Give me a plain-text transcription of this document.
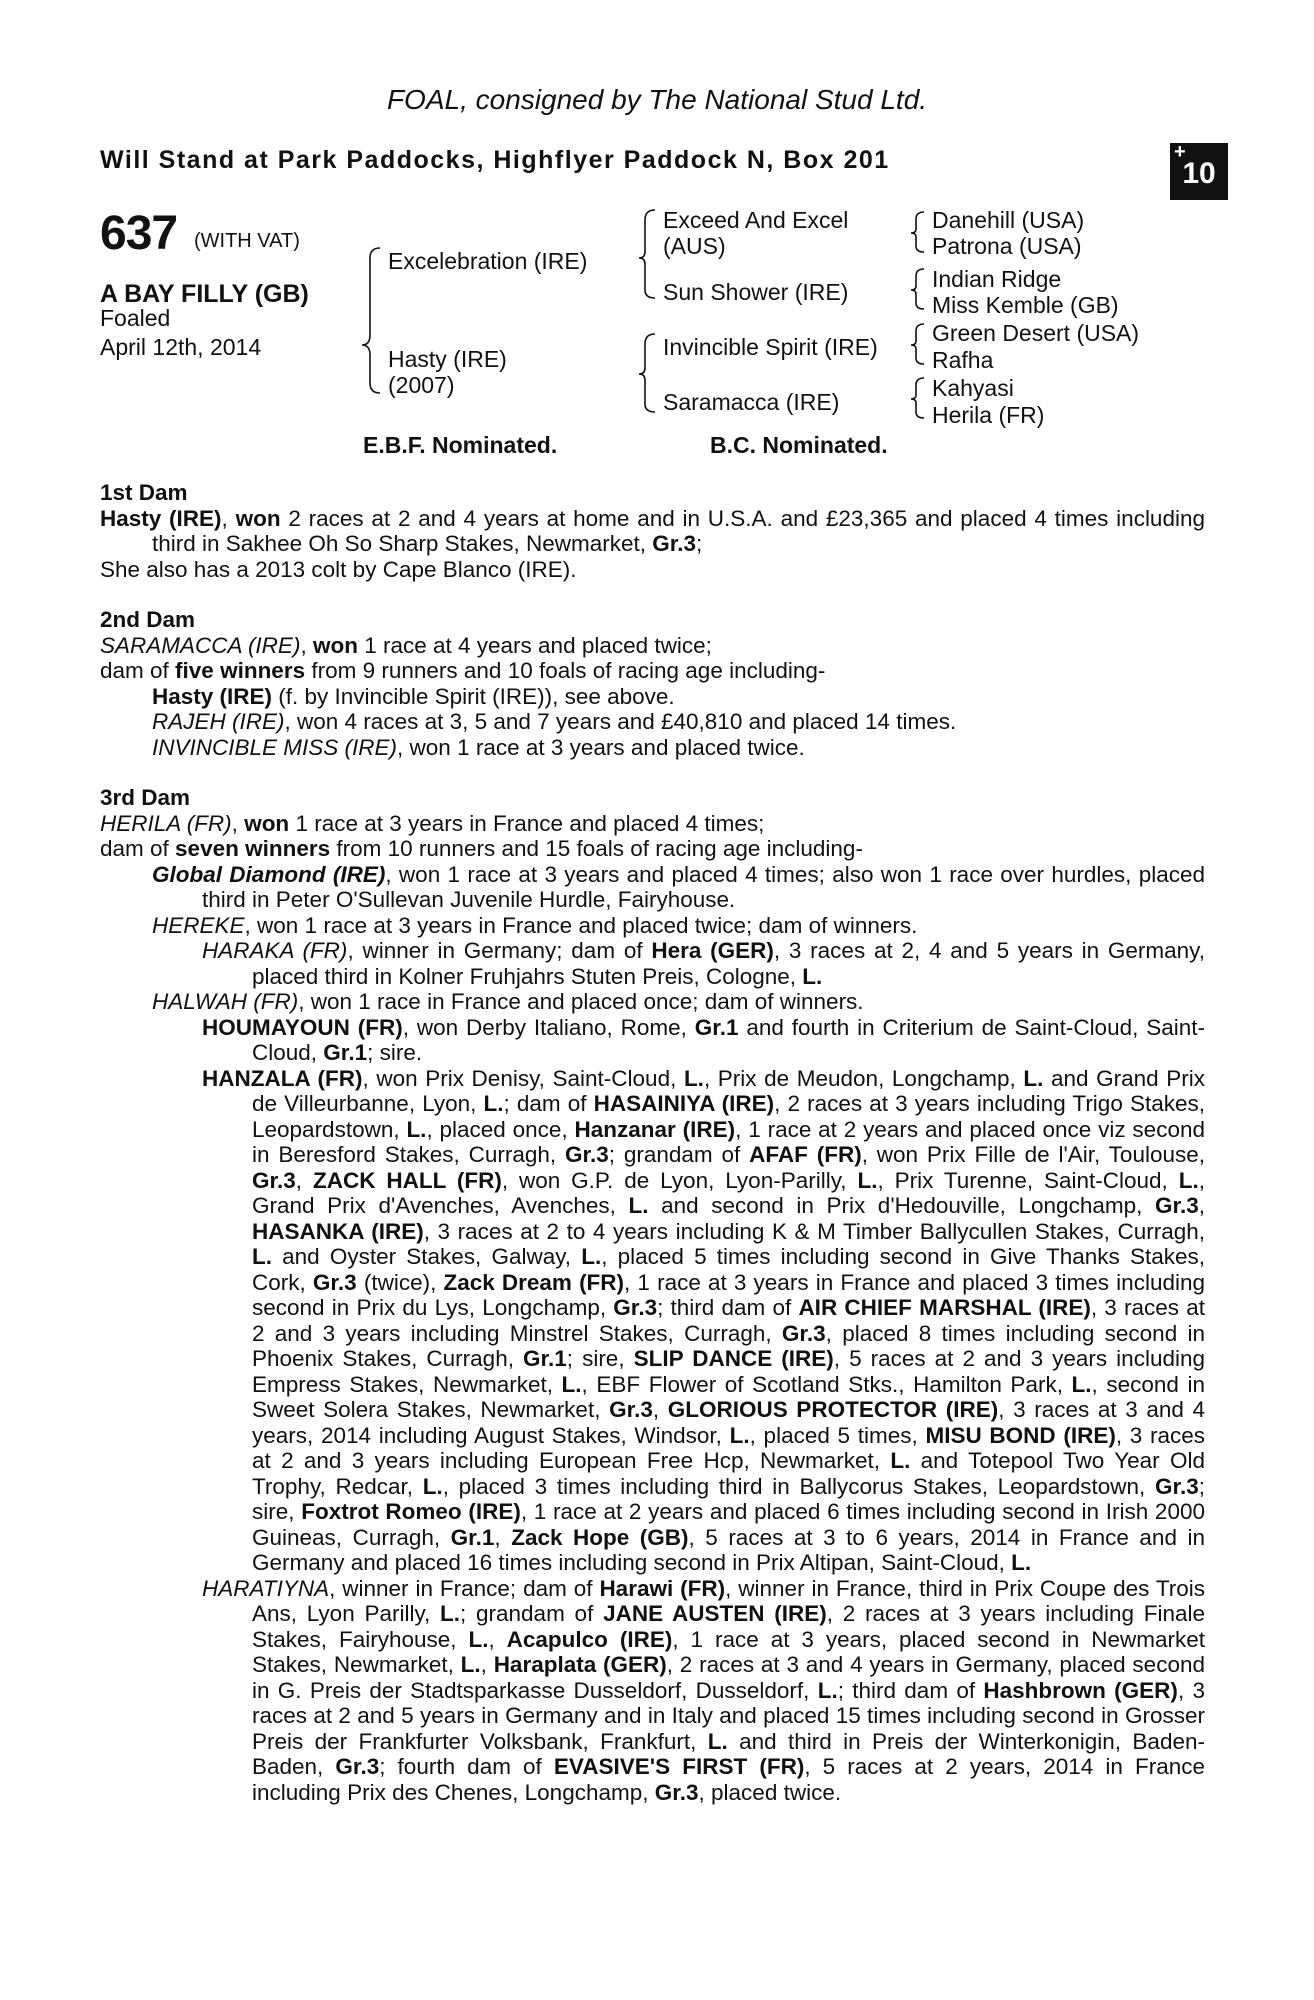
FOAL, consigned by The National Stud Ltd.
Will Stand at Park Paddocks, Highflyer Paddock N, Box 201	+
10
637 (WITH VAT)
A BAY FILLY (GB)
Foaled
April 12th, 2014
Excelebration (IRE)
Hasty (IRE)
(2007)
Exceed And Excel
(AUS)
Sun Shower (IRE)
Invincible Spirit (IRE)
Saramacca (IRE)
Danehill (USA)
Patrona (USA)
Indian Ridge
Miss Kemble (GB)
Green Desert (USA)
Rafha
Kahyasi
Herila (FR)
E.B.F. Nominated.	B.C. Nominated.

1st Dam

Hasty (IRE), won 2 races at 2 and 4 years at home and in U.S.A. and £23,365 and placed 4 times including third in Sakhee Oh So Sharp Stakes, Newmarket, Gr.3;

She also has a 2013 colt by Cape Blanco (IRE).

2nd Dam

SARAMACCA (IRE), won 1 race at 4 years and placed twice;

dam of five winners from 9 runners and 10 foals of racing age including-

Hasty (IRE) (f. by Invincible Spirit (IRE)), see above.

RAJEH (IRE), won 4 races at 3, 5 and 7 years and £40,810 and placed 14 times.

INVINCIBLE MISS (IRE), won 1 race at 3 years and placed twice.

3rd Dam

HERILA (FR), won 1 race at 3 years in France and placed 4 times;

dam of seven winners from 10 runners and 15 foals of racing age including-

Global Diamond (IRE), won 1 race at 3 years and placed 4 times; also won 1 race over hurdles, placed third in Peter O'Sullevan Juvenile Hurdle, Fairyhouse.

HEREKE, won 1 race at 3 years in France and placed twice; dam of winners.

HARAKA (FR), winner in Germany; dam of Hera (GER), 3 races at 2, 4 and 5 years in Germany, placed third in Kolner Fruhjahrs Stuten Preis, Cologne, L.

HALWAH (FR), won 1 race in France and placed once; dam of winners.

HOUMAYOUN (FR), won Derby Italiano, Rome, Gr.1 and fourth in Criterium de Saint-Cloud, Saint-Cloud, Gr.1; sire.

HANZALA (FR), won Prix Denisy, Saint-Cloud, L., Prix de Meudon, Longchamp, L. and Grand Prix de Villeurbanne, Lyon, L.; dam of HASAINIYA (IRE), 2 races at 3 years including Trigo Stakes, Leopardstown, L., placed once, Hanzanar (IRE), 1 race at 2 years and placed once viz second in Beresford Stakes, Curragh, Gr.3; grandam of AFAF (FR), won Prix Fille de l'Air, Toulouse, Gr.3, ZACK HALL (FR), won G.P. de Lyon, Lyon-Parilly, L., Prix Turenne, Saint-Cloud, L., Grand Prix d'Avenches, Avenches, L. and second in Prix d'Hedouville, Longchamp, Gr.3, HASANKA (IRE), 3 races at 2 to 4 years including K & M Timber Ballycullen Stakes, Curragh, L. and Oyster Stakes, Galway, L., placed 5 times including second in Give Thanks Stakes, Cork, Gr.3 (twice), Zack Dream (FR), 1 race at 3 years in France and placed 3 times including second in Prix du Lys, Longchamp, Gr.3; third dam of AIR CHIEF MARSHAL (IRE), 3 races at 2 and 3 years including Minstrel Stakes, Curragh, Gr.3, placed 8 times including second in Phoenix Stakes, Curragh, Gr.1; sire, SLIP DANCE (IRE), 5 races at 2 and 3 years including Empress Stakes, Newmarket, L., EBF Flower of Scotland Stks., Hamilton Park, L., second in Sweet Solera Stakes, Newmarket, Gr.3, GLORIOUS PROTECTOR (IRE), 3 races at 3 and 4 years, 2014 including August Stakes, Windsor, L., placed 5 times, MISU BOND (IRE), 3 races at 2 and 3 years including European Free Hcp, Newmarket, L. and Totepool Two Year Old Trophy, Redcar, L., placed 3 times including third in Ballycorus Stakes, Leopardstown, Gr.3; sire, Foxtrot Romeo (IRE), 1 race at 2 years and placed 6 times including second in Irish 2000 Guineas, Curragh, Gr.1, Zack Hope (GB), 5 races at 3 to 6 years, 2014 in France and in Germany and placed 16 times including second in Prix Altipan, Saint-Cloud, L.

HARATIYNA, winner in France; dam of Harawi (FR), winner in France, third in Prix Coupe des Trois Ans, Lyon Parilly, L.; grandam of JANE AUSTEN (IRE), 2 races at 3 years including Finale Stakes, Fairyhouse, L., Acapulco (IRE), 1 race at 3 years, placed second in Newmarket Stakes, Newmarket, L., Haraplata (GER), 2 races at 3 and 4 years in Germany, placed second in G. Preis der Stadtsparkasse Dusseldorf, Dusseldorf, L.; third dam of Hashbrown (GER), 3 races at 2 and 5 years in Germany and in Italy and placed 15 times including second in Grosser Preis der Frankfurter Volksbank, Frankfurt, L. and third in Preis der Winterkonigin, Baden-Baden, Gr.3; fourth dam of EVASIVE'S FIRST (FR), 5 races at 2 years, 2014 in France including Prix des Chenes, Longchamp, Gr.3, placed twice.
